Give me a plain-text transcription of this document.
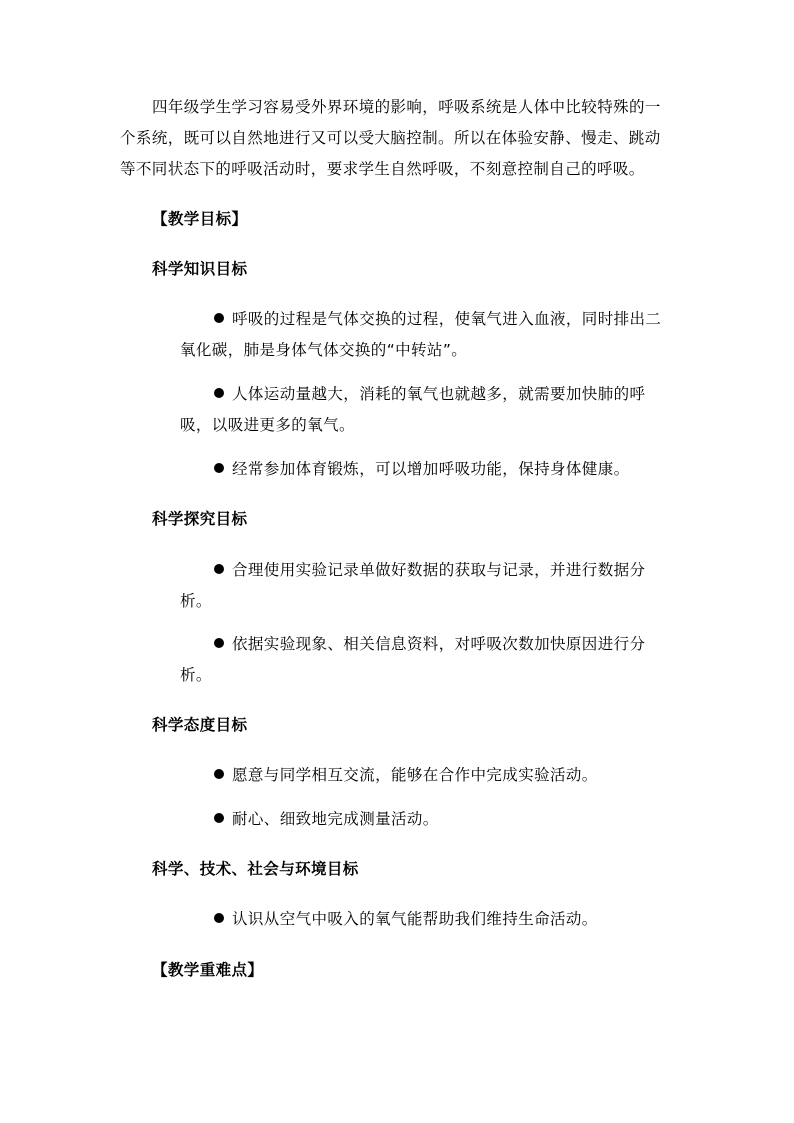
四年级学生学习容易受外界环境的影响，呼吸系统是人体中比较特殊的一
个系统，既可以自然地进行又可以受大脑控制。所以在体验安静、慢走、跳动
等不同状态下的呼吸活动时，要求学生自然呼吸，不刻意控制自己的呼吸。
【教学目标】
科学知识目标
呼吸的过程是气体交换的过程，使氧气进入血液，同时排出二
氧化碳，肺是身体气体交换的“中转站”。
人体运动量越大，消耗的氧气也就越多，就需要加快肺的呼
吸，以吸进更多的氧气。
经常参加体育锻炼，可以增加呼吸功能，保持身体健康。
科学探究目标
合理使用实验记录单做好数据的获取与记录，并进行数据分
析。
依据实验现象、相关信息资料，对呼吸次数加快原因进行分
析。
科学态度目标
愿意与同学相互交流，能够在合作中完成实验活动。
耐心、细致地完成测量活动。
科学、技术、社会与环境目标
认识从空气中吸入的氧气能帮助我们维持生命活动。
【教学重难点】
